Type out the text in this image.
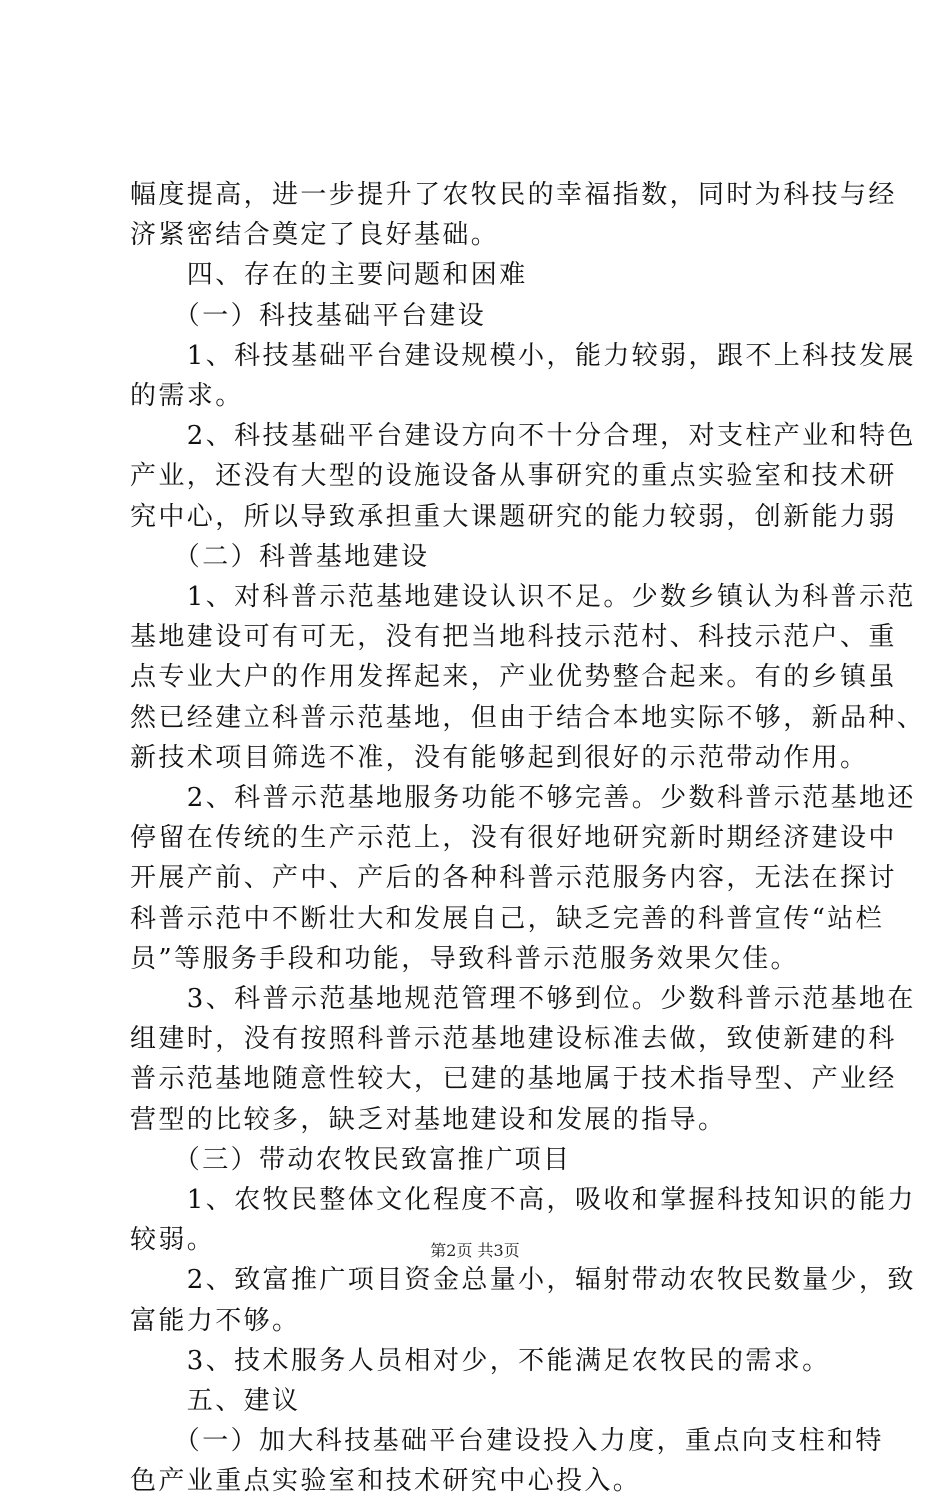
幅度提高，进一步提升了农牧民的幸福指数，同时为科技与经
济紧密结合奠定了良好基础。
　　四、存在的主要问题和困难
　　（一）科技基础平台建设
　　1、科技基础平台建设规模小，能力较弱，跟不上科技发展
的需求。
　　2、科技基础平台建设方向不十分合理，对支柱产业和特色
产业，还没有大型的设施设备从事研究的重点实验室和技术研
究中心，所以导致承担重大课题研究的能力较弱，创新能力弱
　　（二）科普基地建设
　　1、对科普示范基地建设认识不足。少数乡镇认为科普示范
基地建设可有可无，没有把当地科技示范村、科技示范户、重
点专业大户的作用发挥起来，产业优势整合起来。有的乡镇虽
然已经建立科普示范基地，但由于结合本地实际不够，新品种、
新技术项目筛选不准，没有能够起到很好的示范带动作用。
　　2、科普示范基地服务功能不够完善。少数科普示范基地还
停留在传统的生产示范上，没有很好地研究新时期经济建设中
开展产前、产中、产后的各种科普示范服务内容，无法在探讨
科普示范中不断壮大和发展自己，缺乏完善的科普宣传“站栏
员”等服务手段和功能，导致科普示范服务效果欠佳。
　　3、科普示范基地规范管理不够到位。少数科普示范基地在
组建时，没有按照科普示范基地建设标准去做，致使新建的科
普示范基地随意性较大，已建的基地属于技术指导型、产业经
营型的比较多，缺乏对基地建设和发展的指导。
　　（三）带动农牧民致富推广项目
　　1、农牧民整体文化程度不高，吸收和掌握科技知识的能力
较弱。
　　2、致富推广项目资金总量小，辐射带动农牧民数量少，致
富能力不够。
　　3、技术服务人员相对少，不能满足农牧民的需求。
　　五、建议
　　（一）加大科技基础平台建设投入力度，重点向支柱和特
色产业重点实验室和技术研究中心投入。
第2页 共3页
